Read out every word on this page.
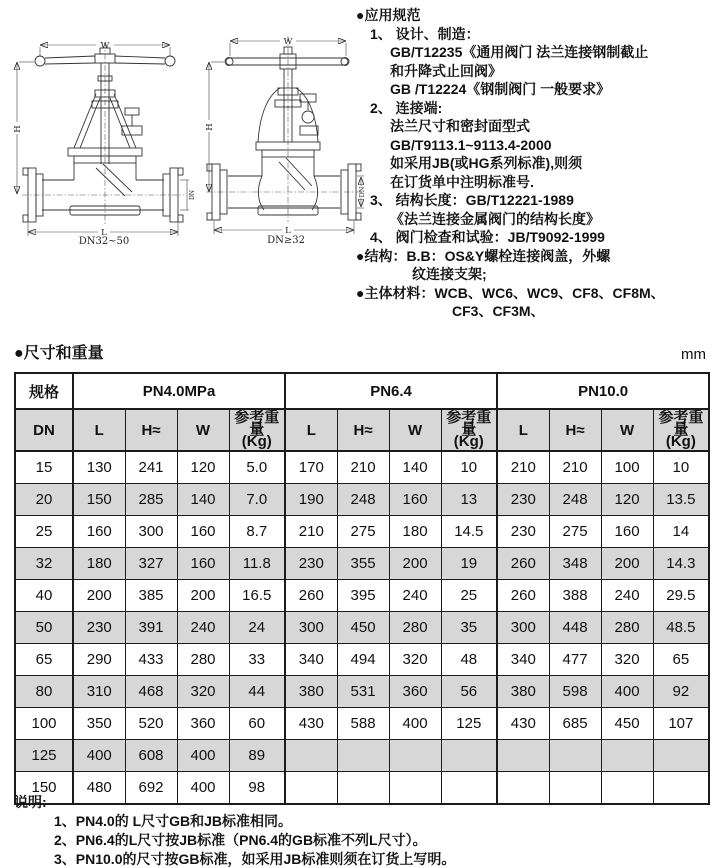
W
H
DN
L
DN32~50
W
H
DN
L
DN≥32
●应用规范
1、 设计、制造：
GB/T12235《通用阀门 法兰连接钢制截止
和升降式止回阀》
GB /T12224《钢制阀门 一般要求》
2、 连接端:
法兰尺寸和密封面型式
GB/T9113.1~9113.4-2000
如采用JB(或HG系列标准),则须
在订货单中注明标准号.
3、 结构长度：GB/T12221-1989
《法兰连接金属阀门的结构长度》
4、 阀门检查和试验：JB/T9092-1999
●结构：B.B：OS&Y螺栓连接阀盖，外螺
纹连接支架;
●主体材料：WCB、WC6、WC9、CF8、CF8M、
CF3、CF3M、
●尺寸和重量	mm
规格	PN4.0MPa				PN6.4				PN10.0			
DN	L	H≈	W	
参考重量
(Kg)
	L	H≈	W	
参考重量
(Kg)
	L	H≈	W	
参考重量
(Kg)

15	130	241	120	5.0	170	210	140	10	210	210	100	10
20	150	285	140	7.0	190	248	160	13	230	248	120	13.5
25	160	300	160	8.7	210	275	180	14.5	230	275	160	14
32	180	327	160	11.8	230	355	200	19	260	348	200	14.3
40	200	385	200	16.5	260	395	240	25	260	388	240	29.5
50	230	391	240	24	300	450	280	35	300	448	280	48.5
65	290	433	280	33	340	494	320	48	340	477	320	65
80	310	468	320	44	380	531	360	56	380	598	400	92
100	350	520	360	60	430	588	400	125	430	685	450	107
125	400	608	400	89								
150	480	692	400	98								
说明:
1、PN4.0的 L尺寸GB和JB标准相同。
2、PN6.4的L尺寸按JB标准（PN6.4的GB标准不列L尺寸）。
3、PN10.0的尺寸按GB标准，如采用JB标准则须在订货上写明。
